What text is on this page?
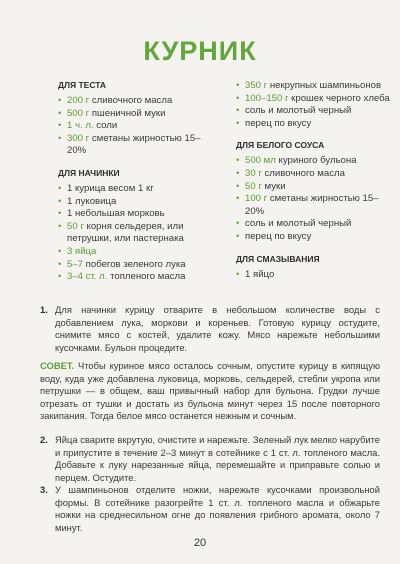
КУРНИК
ДЛЯ ТЕСТА
• 200 г сливочного масла
• 500 г пшеничной муки
• 1 ч. л. соли
• 300 г сметаны жирностью 15–20%
ДЛЯ НАЧИНКИ
• 1 курица весом 1 кг
• 1 луковица
• 1 небольшая морковь
• 50 г корня сельдерея, или петрушки, или пастернака
• 3 яйца
• 5–7 побегов зеленого лука
• 3–4 ст. л. топленого масла
• 350 г некрупных шампиньонов
• 100–150 г крошек черного хлеба
• соль и молотый черный
• перец по вкусу
ДЛЯ БЕЛОГО СОУСА
• 500 мл куриного бульона
• 30 г сливочного масла
• 50 г муки
• 100 г сметаны жирностью 15–20%
• соль и молотый черный
• перец по вкусу
ДЛЯ СМАЗЫВАНИЯ
• 1 яйцо
1. Для начинки курицу отварите в небольшом количестве воды с добавлением лука, моркови и кореньев. Готовую курицу остудите, снимите мясо с костей, удалите кожу. Мясо нарежьте небольшими кусочками. Бульон процедите.
СОВЕТ. Чтобы куриное мясо осталось сочным, опустите курицу в кипящую воду, куда уже добавлена луковица, морковь, сельдерей, стебли укропа или петрушки — в общем, ваш привычный набор для бульона. Грудки лучше отрезать от тушки и достать из бульона минут через 15 после повторного закипания. Тогда белое мясо останется нежным и сочным.
2. Яйца сварите вкрутую, очистите и нарежьте. Зеленый лук мелко нарубите и припустите в течение 2–3 минут в сотейнике с 1 ст. л. топленого масла. Добавьте к луку нарезанные яйца, перемешайте и приправьте солью и перцем. Остудите.
3. У шампиньонов отделите ножки, нарежьте кусочками произвольной формы. В сотейнике разогрейте 1 ст. л. топленого масла и обжарьте ножки на среднесильном огне до появления грибного аромата, около 7 минут.
20
